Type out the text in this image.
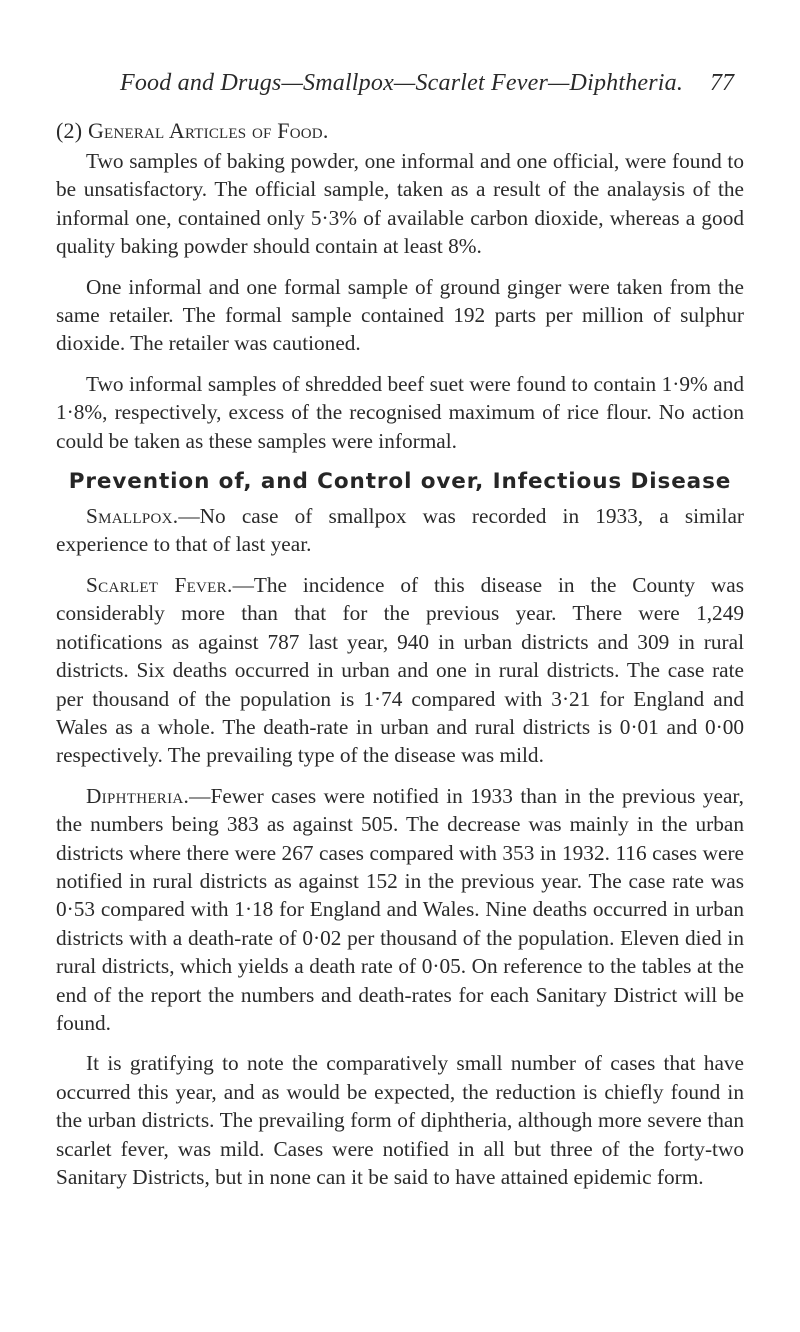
Food and Drugs—Smallpox—Scarlet Fever—Diphtheria. 77
(2) General Articles of Food.

Two samples of baking powder, one informal and one official, were found to be unsatisfactory. The official sample, taken as a result of the analaysis of the informal one, contained only 5·3% of available carbon dioxide, whereas a good quality baking powder should contain at least 8%.

One informal and one formal sample of ground ginger were taken from the same retailer. The formal sample contained 192 parts per million of sulphur dioxide. The retailer was cautioned.

Two informal samples of shredded beef suet were found to contain 1·9% and 1·8%, respectively, excess of the recognised maximum of rice flour. No action could be taken as these samples were informal.

Prevention of, and Control over, Infectious Disease

Smallpox.—No case of smallpox was recorded in 1933, a similar experience to that of last year.

Scarlet Fever.—The incidence of this disease in the County was considerably more than that for the previous year. There were 1,249 notifications as against 787 last year, 940 in urban districts and 309 in rural districts. Six deaths occurred in urban and one in rural districts. The case rate per thousand of the population is 1·74 compared with 3·21 for England and Wales as a whole. The death-rate in urban and rural districts is 0·01 and 0·00 respectively. The prevailing type of the disease was mild.

Diphtheria.—Fewer cases were notified in 1933 than in the previous year, the numbers being 383 as against 505. The decrease was mainly in the urban districts where there were 267 cases compared with 353 in 1932. 116 cases were notified in rural districts as against 152 in the previous year. The case rate was 0·53 compared with 1·18 for England and Wales. Nine deaths occurred in urban districts with a death-rate of 0·02 per thousand of the population. Eleven died in rural districts, which yields a death rate of 0·05. On reference to the tables at the end of the report the numbers and death-rates for each Sanitary District will be found.

It is gratifying to note the comparatively small number of cases that have occurred this year, and as would be expected, the reduction is chiefly found in the urban districts. The prevailing form of diphtheria, although more severe than scarlet fever, was mild. Cases were notified in all but three of the forty-two Sanitary Districts, but in none can it be said to have attained epidemic form.
